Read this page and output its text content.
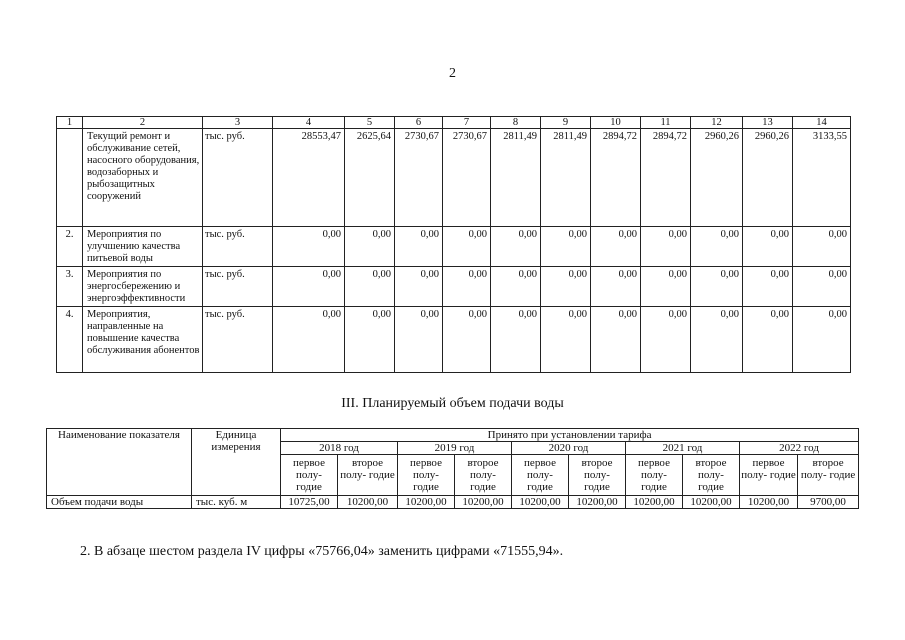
2
1	2	3	4	5	6	7	8	9	10	11	12	13	14
	Текущий ремонт и обслуживание сетей, насосного оборудования, водозаборных и рыбозащитных сооружений	тыс. руб.	28553,47	2625,64	2730,67	2730,67	2811,49	2811,49	2894,72	2894,72	2960,26	2960,26	3133,55
2.	Мероприятия по улучшению качества питьевой воды	тыс. руб.	0,00	0,00	0,00	0,00	0,00	0,00	0,00	0,00	0,00	0,00	0,00
3.	Мероприятия по энергосбережению и энергоэффективности	тыс. руб.	0,00	0,00	0,00	0,00	0,00	0,00	0,00	0,00	0,00	0,00	0,00
4.	Мероприятия, направленные на повышение качества обслуживания абонентов	тыс. руб.	0,00	0,00	0,00	0,00	0,00	0,00	0,00	0,00	0,00	0,00	0,00
III. Планируемый объем подачи воды
Наименование показателя	Единица измерения	Принято при установлении тарифа									
		2018 год		2019 год		2020 год		2021 год		2022 год	
		первое полу- годие	второе полу- годие	первое полу- годие	второе полу- годие	первое полу- годие	второе полу- годие	первое полу- годие	второе полу- годие	первое полу- годие	второе полу- годие
Объем подачи воды	тыс. куб. м	10725,00	10200,00	10200,00	10200,00	10200,00	10200,00	10200,00	10200,00	10200,00	9700,00
2. В абзаце шестом раздела IV цифры «75766,04» заменить цифрами «71555,94».
